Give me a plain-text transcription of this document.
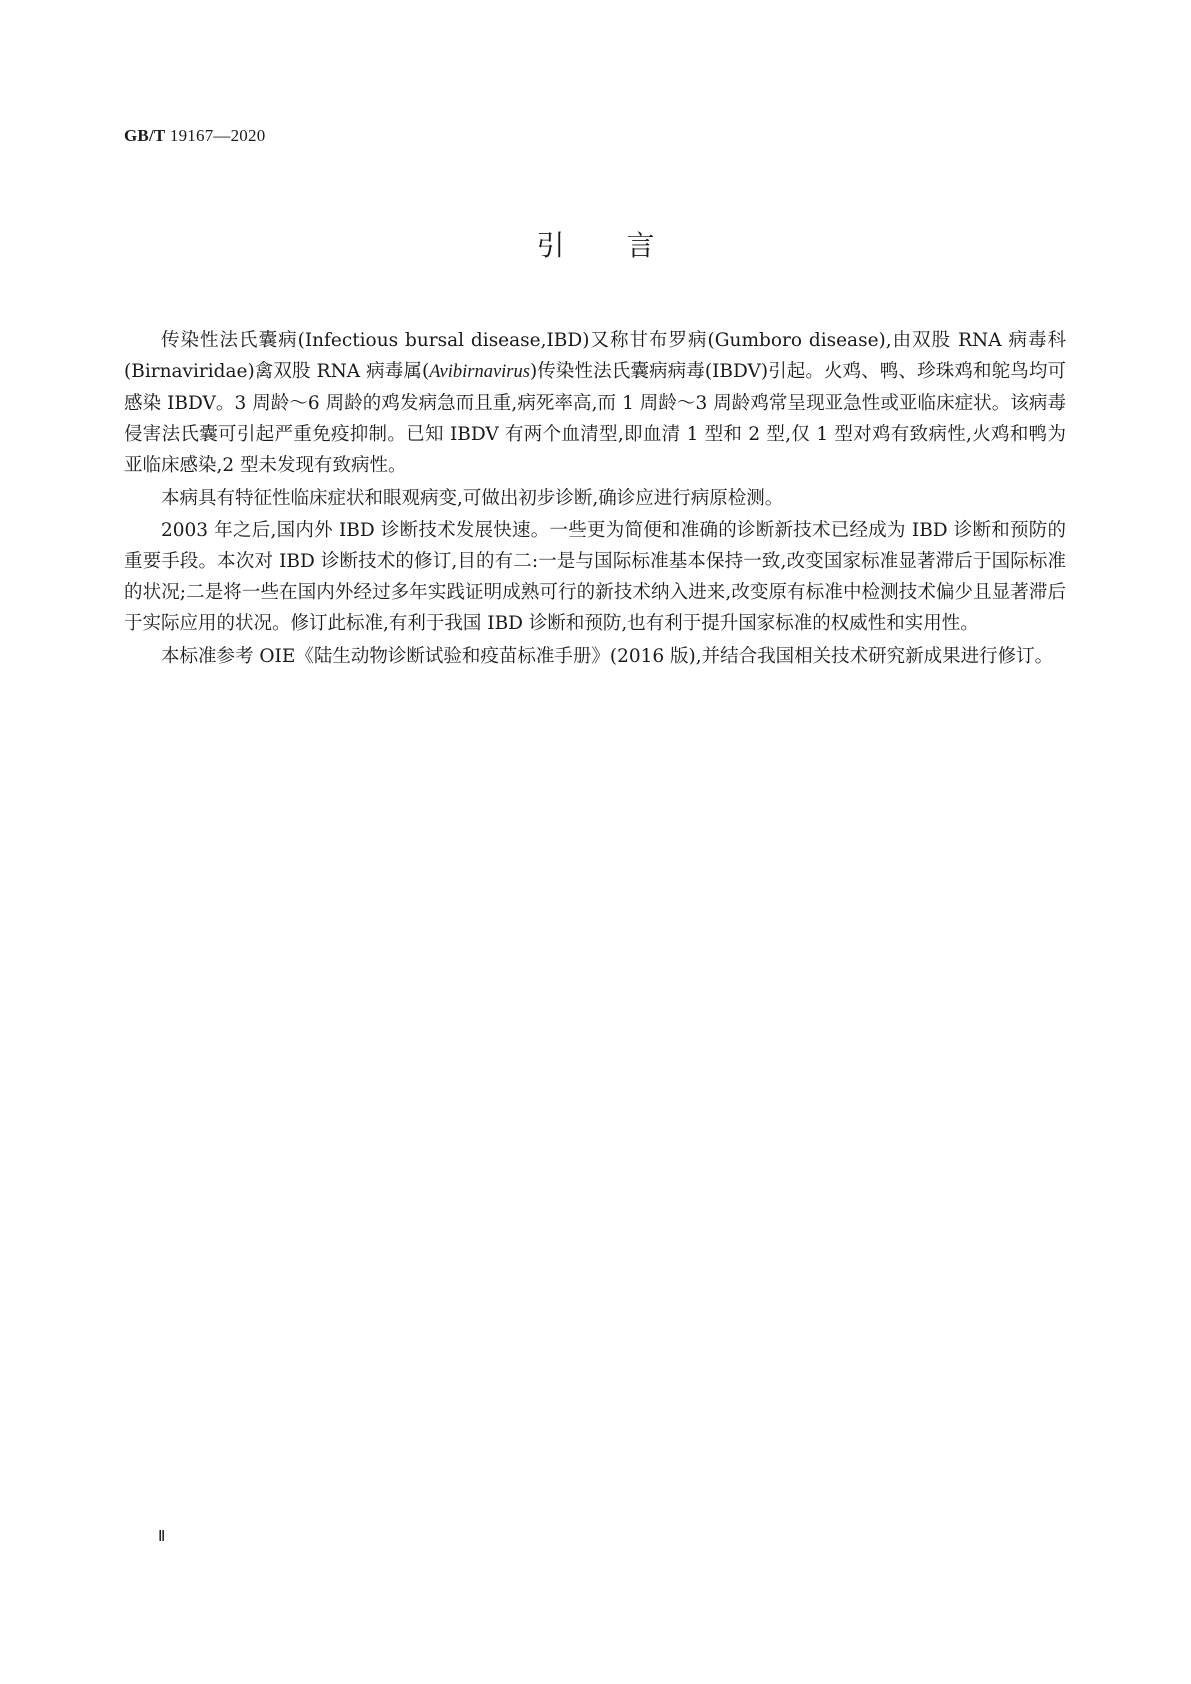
GB/T 19167—2020
引言

传染性法氏囊病(Infectious bursal disease,IBD)又称甘布罗病(Gumboro disease),由双股 RNA 病毒科(Birnaviridae)禽双股 RNA 病毒属(Avibirnavirus)传染性法氏囊病病毒(IBDV)引起。火鸡、鸭、珍珠鸡和鸵鸟均可感染 IBDV。3 周龄～6 周龄的鸡发病急而且重,病死率高,而 1 周龄～3 周龄鸡常呈现亚急性或亚临床症状。该病毒侵害法氏囊可引起严重免疫抑制。已知 IBDV 有两个血清型,即血清 1 型和 2 型,仅 1 型对鸡有致病性,火鸡和鸭为亚临床感染,2 型未发现有致病性。

本病具有特征性临床症状和眼观病变,可做出初步诊断,确诊应进行病原检测。

2003 年之后,国内外 IBD 诊断技术发展快速。一些更为简便和准确的诊断新技术已经成为 IBD 诊断和预防的重要手段。本次对 IBD 诊断技术的修订,目的有二:一是与国际标准基本保持一致,改变国家标准显著滞后于国际标准的状况;二是将一些在国内外经过多年实践证明成熟可行的新技术纳入进来,改变原有标准中检测技术偏少且显著滞后于实际应用的状况。修订此标准,有利于我国 IBD 诊断和预防,也有利于提升国家标准的权威性和实用性。

本标准参考 OIE《陆生动物诊断试验和疫苗标准手册》(2016 版),并结合我国相关技术研究新成果进行修订。

Ⅱ
